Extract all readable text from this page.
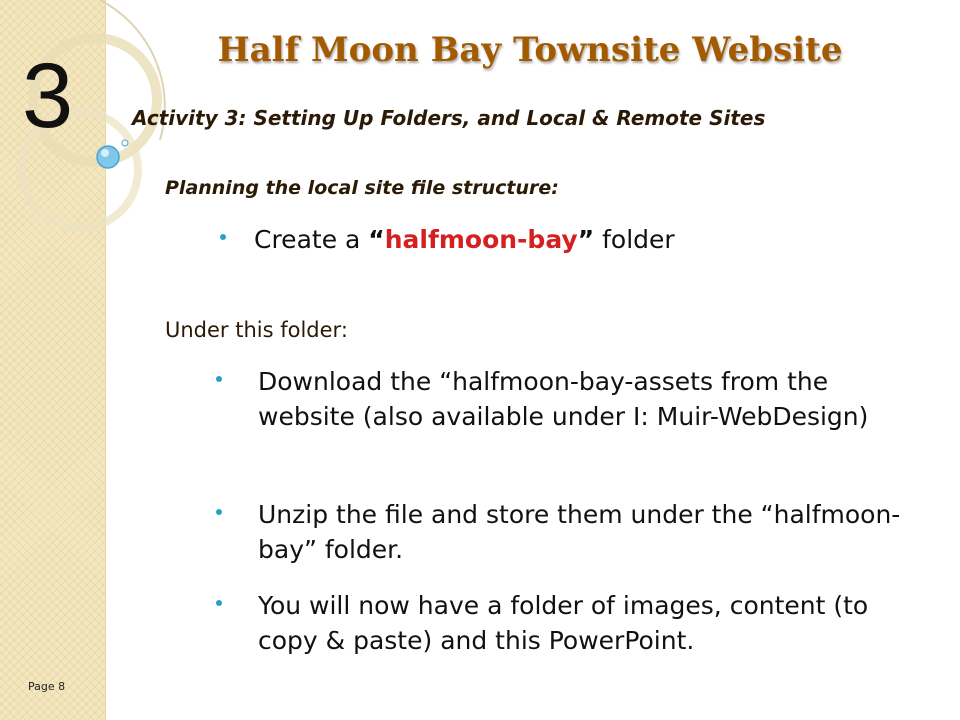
3	Half Moon Bay Townsite Website
Activity 3: Setting Up Folders, and Local & Remote Sites
Planning the local site file structure:
Create a “halfmoon-bay” folder
Under this folder:
Download the “halfmoon-bay-assets from the website (also available under I: Muir-WebDesign)
Unzip the file and store them under the “halfmoon-bay” folder.
You will now have a folder of images, content (to copy & paste) and this PowerPoint.
Page 8
